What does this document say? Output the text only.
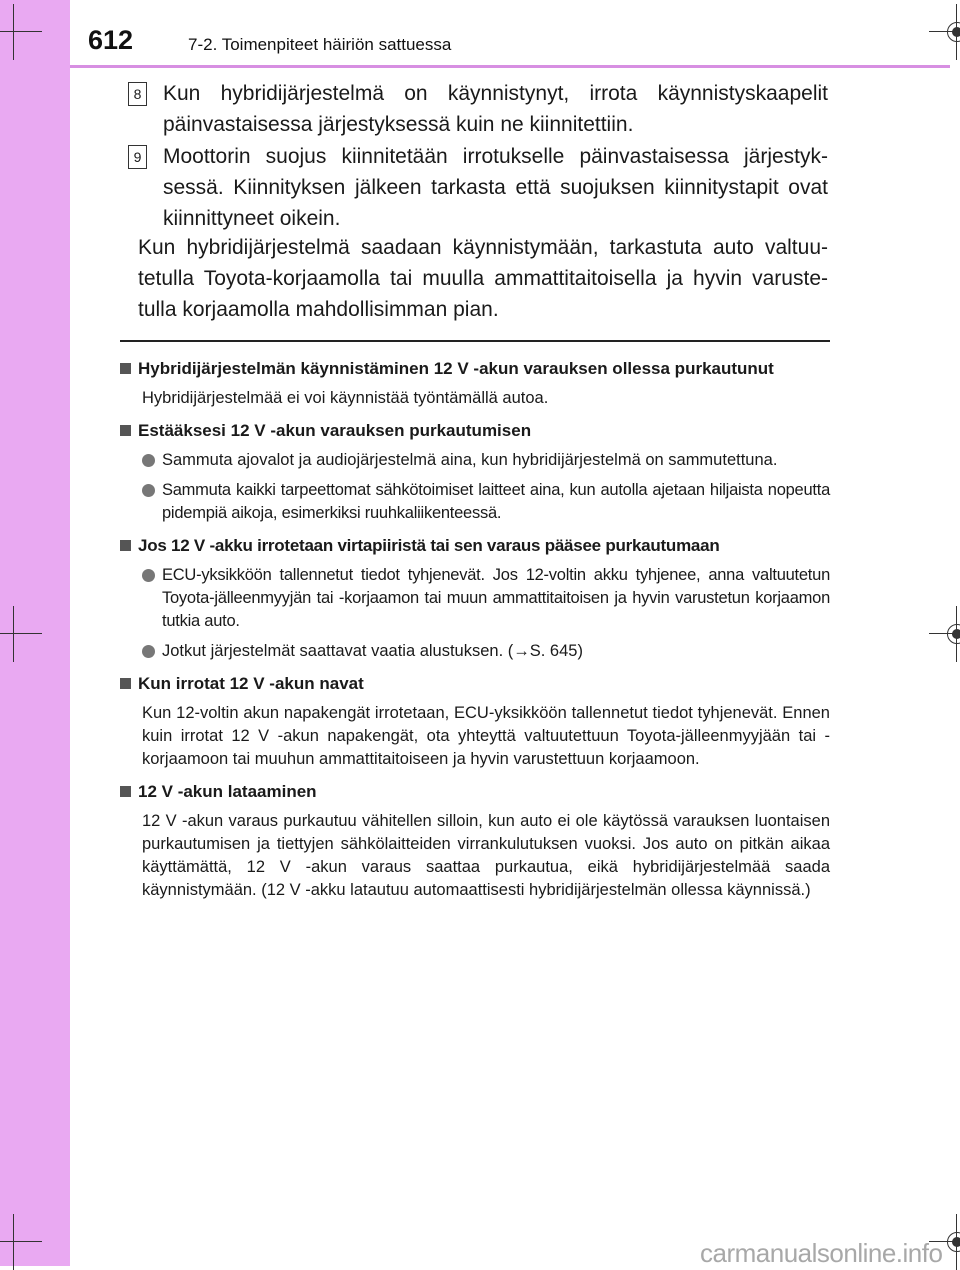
612	7-2. Toimenpiteet häiriön sattuessa
8 Kun hybridijärjestelmä on käynnistynyt, irrota käynnistyskaapelit päinvastaisessa järjestyksessä kuin ne kiinnitettiin.
9 Moottorin suojus kiinnitetään irrotukselle päinvastaisessa järjestyksessä. Kiinnityksen jälkeen tarkasta että suojuksen kiinnitystapit ovat kiinnittyneet oikein.
Kun hybridijärjestelmä saadaan käynnistymään, tarkastuta auto valtuutetulla Toyota-korjaamolla tai muulla ammattitaitoisella ja hyvin varustetulla korjaamolla mahdollisimman pian.
Hybridijärjestelmän käynnistäminen 12 V -akun varauksen ollessa purkautunut
Hybridijärjestelmää ei voi käynnistää työntämällä autoa.
Estääksesi 12 V -akun varauksen purkautumisen
Sammuta ajovalot ja audiojärjestelmä aina, kun hybridijärjestelmä on sammutettuna.
Sammuta kaikki tarpeettomat sähkötoimiset laitteet aina, kun autolla ajetaan hiljaista nopeutta pidempiä aikoja, esimerkiksi ruuhkaliikenteessä.
Jos 12 V -akku irrotetaan virtapiiristä tai sen varaus pääsee purkautumaan
ECU-yksikköön tallennetut tiedot tyhjenevät. Jos 12-voltin akku tyhjenee, anna valtuutetun Toyota-jälleenmyyjän tai -korjaamon tai muun ammattitaitoisen ja hyvin varustetun korjaamon tutkia auto.
Jotkut järjestelmät saattavat vaatia alustuksen. (→S. 645)
Kun irrotat 12 V -akun navat
Kun 12-voltin akun napakengät irrotetaan, ECU-yksikköön tallennetut tiedot tyhjenevät. Ennen kuin irrotat 12 V -akun napakengät, ota yhteyttä valtuutettuun Toyota-jälleenmyyjään tai -korjaamoon tai muuhun ammattitaitoiseen ja hyvin varustettuun korjaamoon.
12 V -akun lataaminen
12 V -akun varaus purkautuu vähitellen silloin, kun auto ei ole käytössä varauksen luontaisen purkautumisen ja tiettyjen sähkölaitteiden virrankulutuksen vuoksi. Jos auto on pitkän aikaa käyttämättä, 12 V -akun varaus saattaa purkautua, eikä hybridijärjestelmää saada käynnistymään. (12 V -akku latautuu automaattisesti hybridijärjestelmän ollessa käynnissä.)
carmanualsonline.info
